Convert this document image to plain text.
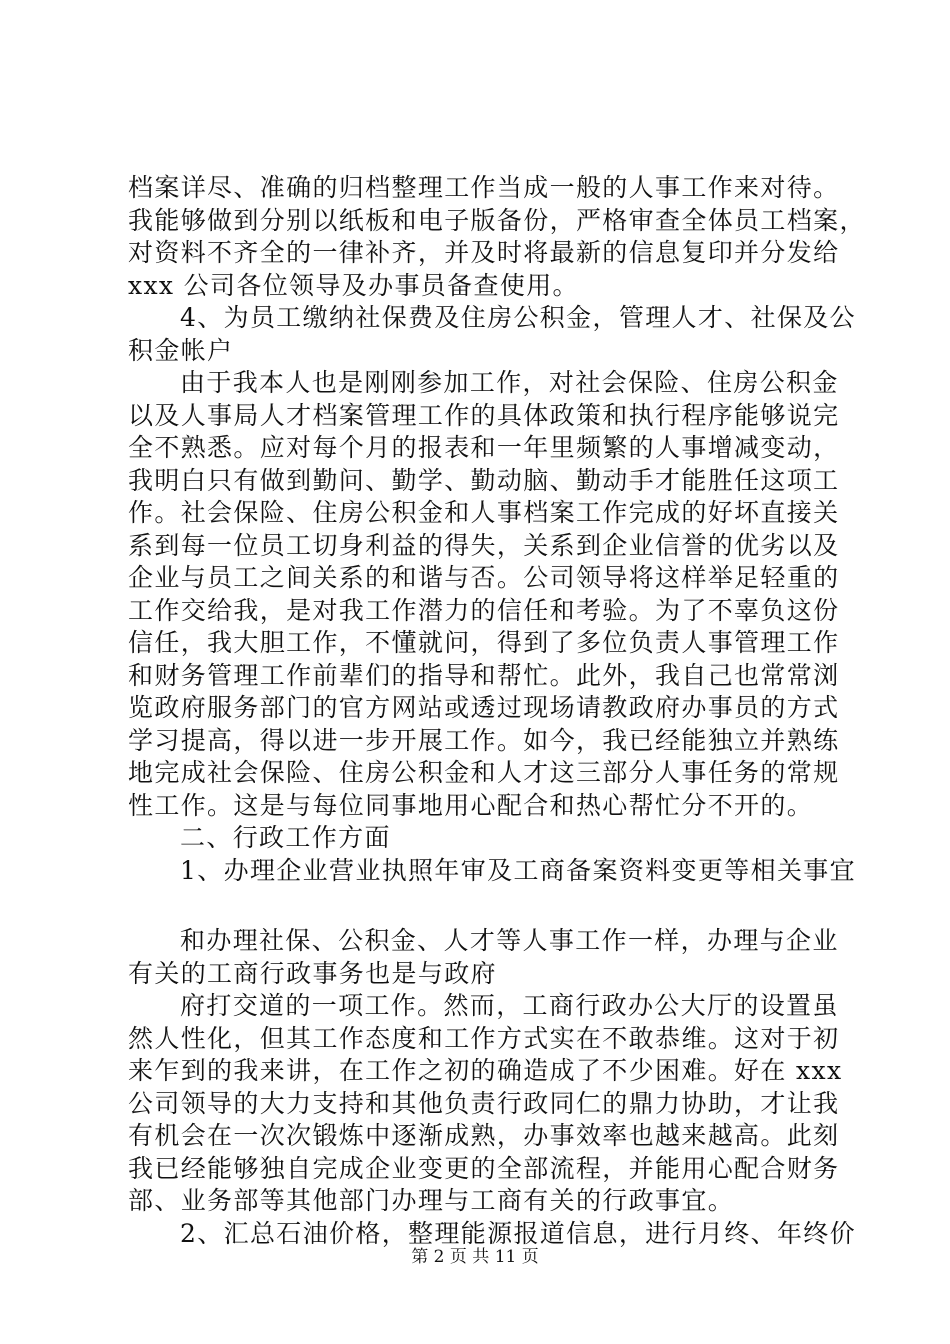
档案详尽、准确的归档整理工作当成一般的人事工作来对待。
我能够做到分别以纸板和电子版备份，严格审查全体员工档案，
对资料不齐全的一律补齐，并及时将最新的信息复印并分发给
xxx 公司各位领导及办事员备查使用。
4、为员工缴纳社保费及住房公积金，管理人才、社保及公
积金帐户
由于我本人也是刚刚参加工作，对社会保险、住房公积金
以及人事局人才档案管理工作的具体政策和执行程序能够说完
全不熟悉。应对每个月的报表和一年里频繁的人事增减变动，
我明白只有做到勤问、勤学、勤动脑、勤动手才能胜任这项工
作。社会保险、住房公积金和人事档案工作完成的好坏直接关
系到每一位员工切身利益的得失，关系到企业信誉的优劣以及
企业与员工之间关系的和谐与否。公司领导将这样举足轻重的
工作交给我，是对我工作潜力的信任和考验。为了不辜负这份
信任，我大胆工作，不懂就问，得到了多位负责人事管理工作
和财务管理工作前辈们的指导和帮忙。此外，我自己也常常浏
览政府服务部门的官方网站或透过现场请教政府办事员的方式
学习提高，得以进一步开展工作。如今，我已经能独立并熟练
地完成社会保险、住房公积金和人才这三部分人事任务的常规
性工作。这是与每位同事地用心配合和热心帮忙分不开的。
二、行政工作方面
1、办理企业营业执照年审及工商备案资料变更等相关事宜
和办理社保、公积金、人才等人事工作一样，办理与企业
有关的工商行政事务也是与政府
府打交道的一项工作。然而，工商行政办公大厅的设置虽
然人性化，但其工作态度和工作方式实在不敢恭维。这对于初
来乍到的我来讲，在工作之初的确造成了不少困难。好在 xxx
公司领导的大力支持和其他负责行政同仁的鼎力协助，才让我
有机会在一次次锻炼中逐渐成熟，办事效率也越来越高。此刻
我已经能够独自完成企业变更的全部流程，并能用心配合财务
部、业务部等其他部门办理与工商有关的行政事宜。
2、汇总石油价格，整理能源报道信息，进行月终、年终价
第 2 页 共 11 页
